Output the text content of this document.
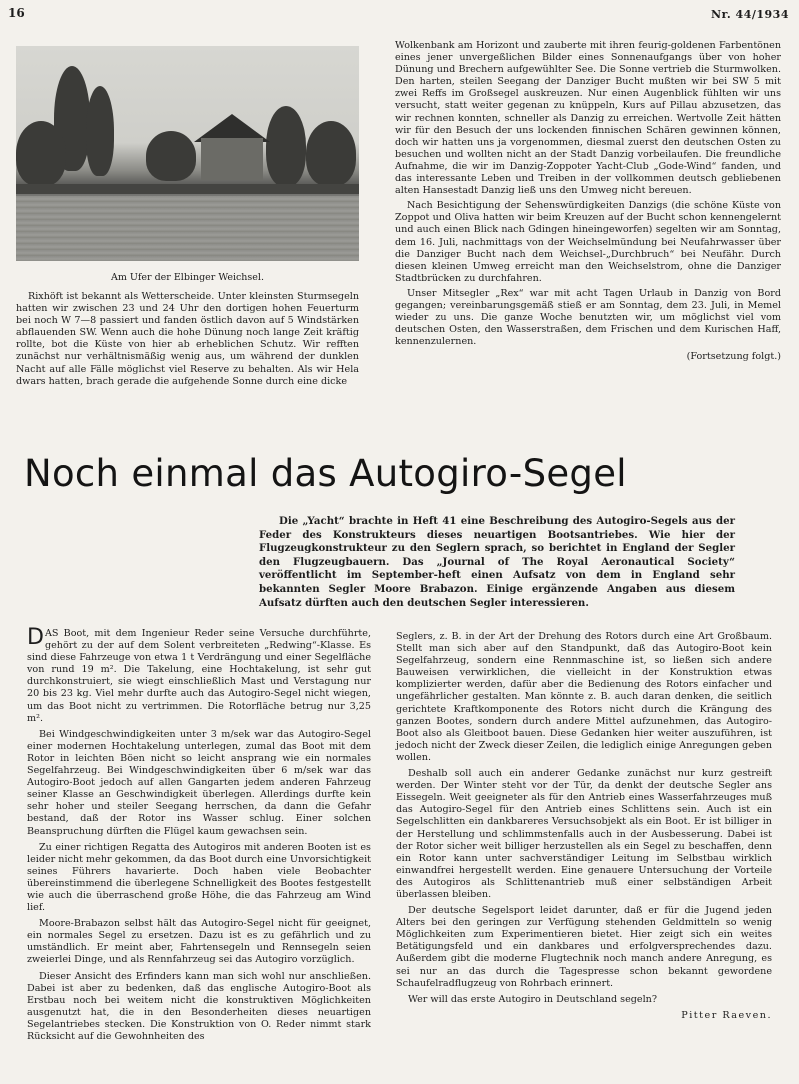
16	Nr. 44/1934
Am Ufer der Elbinger Weichsel.

Rixhöft ist bekannt als Wetterscheide. Unter kleinsten Sturmsegeln hatten wir zwischen 23 und 24 Uhr den dortigen hohen Feuerturm bei noch W 7—8 passiert und fanden östlich davon auf 5 Windstärken abflauenden SW. Wenn auch die hohe Dünung noch lange Zeit kräftig rollte, bot die Küste von hier ab erheblichen Schutz. Wir refften zunächst nur verhältnismäßig wenig aus, um während der dunklen Nacht auf alle Fälle möglichst viel Reserve zu behalten. Als wir Hela dwars hatten, brach gerade die aufgehende Sonne durch eine dicke

Wolkenbank am Horizont und zauberte mit ihren feurig-goldenen Farbentönen eines jener unvergeßlichen Bilder eines Sonnenaufgangs über von hoher Dünung und Brechern aufgewühlter See. Die Sonne vertrieb die Sturmwolken. Den harten, steilen Seegang der Danziger Bucht mußten wir bei SW 5 mit zwei Reffs im Großsegel auskreuzen. Nur einen Augenblick fühlten wir uns versucht, statt weiter gegenan zu knüppeln, Kurs auf Pillau abzusetzen, das wir rechnen konnten, schneller als Danzig zu erreichen. Wertvolle Zeit hätten wir für den Besuch der uns lockenden finnischen Schären gewinnen können, doch wir hatten uns ja vorgenommen, diesmal zuerst den deutschen Osten zu besuchen und wollten nicht an der Stadt Danzig vorbeilaufen. Die freundliche Aufnahme, die wir im Danzig-Zoppoter Yacht-Club „Gode-Wind“ fanden, und das interessante Leben und Treiben in der vollkommen deutsch gebliebenen alten Hansestadt Danzig ließ uns den Umweg nicht bereuen.

Nach Besichtigung der Sehenswürdigkeiten Danzigs (die schöne Küste von Zoppot und Oliva hatten wir beim Kreuzen auf der Bucht schon kennengelernt und auch einen Blick nach Gdingen hineingeworfen) segelten wir am Sonntag, dem 16. Juli, nachmittags von der Weichselmündung bei Neufahrwasser über die Danziger Bucht nach dem Weichsel-„Durchbruch“ bei Neufähr. Durch diesen kleinen Umweg erreicht man den Weichselstrom, ohne die Danziger Stadtbrücken zu durchfahren.

Unser Mitsegler „Rex“ war mit acht Tagen Urlaub in Danzig von Bord gegangen; vereinbarungsgemäß stieß er am Sonntag, dem 23. Juli, in Memel wieder zu uns. Die ganze Woche benutzten wir, um möglichst viel vom deutschen Osten, den Wasserstraßen, dem Frischen und dem Kurischen Haff, kennenzulernen.

(Fortsetzung folgt.)
Noch einmal das Autogiro-Segel

Die „Yacht“ brachte in Heft 41 eine Beschreibung des Autogiro-Segels aus der Feder des Konstrukteurs dieses neuartigen Bootsantriebes. Wie hier der Flugzeugkonstrukteur zu den Seglern sprach, so berichtet in England der Segler den Flugzeugbauern. Das „Journal of The Royal Aeronautical Society“ veröffentlicht im September-heft einen Aufsatz von dem in England sehr bekannten Segler Moore Brabazon. Einige ergänzende Angaben aus diesem Aufsatz dürften auch den deutschen Segler interessieren.

DAS Boot, mit dem Ingenieur Reder seine Versuche durchführte, gehört zu der auf dem Solent verbreiteten „Redwing“-Klasse. Es sind diese Fahrzeuge von etwa 1 t Verdrängung und einer Segelfläche von rund 19 m². Die Takelung, eine Hochtakelung, ist sehr gut durchkonstruiert, sie wiegt einschließlich Mast und Verstagung nur 20 bis 23 kg. Viel mehr durfte auch das Autogiro-Segel nicht wiegen, um das Boot nicht zu vertrimmen. Die Rotorfläche betrug nur 3,25 m².

Bei Windgeschwindigkeiten unter 3 m/sek war das Autogiro-Segel einer modernen Hochtakelung unterlegen, zumal das Boot mit dem Rotor in leichten Böen nicht so leicht ansprang wie ein normales Segelfahrzeug. Bei Windgeschwindigkeiten über 6 m/sek war das Autogiro-Boot jedoch auf allen Gangarten jedem anderen Fahrzeug seiner Klasse an Geschwindigkeit überlegen. Allerdings durfte kein sehr hoher und steiler Seegang herrschen, da dann die Gefahr bestand, daß der Rotor ins Wasser schlug. Einer solchen Beanspruchung dürften die Flügel kaum gewachsen sein.

Zu einer richtigen Regatta des Autogiros mit anderen Booten ist es leider nicht mehr gekommen, da das Boot durch eine Unvorsichtigkeit seines Führers havarierte. Doch haben viele Beobachter übereinstimmend die überlegene Schnelligkeit des Bootes festgestellt wie auch die überraschend große Höhe, die das Fahrzeug am Wind lief.

Moore-Brabazon selbst hält das Autogiro-Segel nicht für geeignet, ein normales Segel zu ersetzen. Dazu ist es zu gefährlich und zu umständlich. Er meint aber, Fahrtensegeln und Rennsegeln seien zweierlei Dinge, und als Rennfahrzeug sei das Autogiro vorzüglich.

Dieser Ansicht des Erfinders kann man sich wohl nur anschließen. Dabei ist aber zu bedenken, daß das englische Autogiro-Boot als Erstbau noch bei weitem nicht die konstruktiven Möglichkeiten ausgenutzt hat, die in den Besonderheiten dieses neuartigen Segelantriebes stecken. Die Konstruktion von O. Reder nimmt stark Rücksicht auf die Gewohnheiten des

Seglers, z. B. in der Art der Drehung des Rotors durch eine Art Großbaum. Stellt man sich aber auf den Standpunkt, daß das Autogiro-Boot kein Segelfahrzeug, sondern eine Rennmaschine ist, so ließen sich andere Bauweisen verwirklichen, die vielleicht in der Konstruktion etwas komplizierter werden, dafür aber die Bedienung des Rotors einfacher und ungefährlicher gestalten. Man könnte z. B. auch daran denken, die seitlich gerichtete Kraftkomponente des Rotors nicht durch die Krängung des ganzen Bootes, sondern durch andere Mittel aufzunehmen, das Autogiro-Boot also als Gleitboot bauen. Diese Gedanken hier weiter auszuführen, ist jedoch nicht der Zweck dieser Zeilen, die lediglich einige Anregungen geben wollen.

Deshalb soll auch ein anderer Gedanke zunächst nur kurz gestreift werden. Der Winter steht vor der Tür, da denkt der deutsche Segler ans Eissegeln. Weit geeigneter als für den Antrieb eines Wasserfahrzeuges muß das Autogiro-Segel für den Antrieb eines Schlittens sein. Auch ist ein Segelschlitten ein dankbareres Versuchsobjekt als ein Boot. Er ist billiger in der Herstellung und schlimmstenfalls auch in der Ausbesserung. Dabei ist der Rotor sicher weit billiger herzustellen als ein Segel zu beschaffen, denn ein Rotor kann unter sachverständiger Leitung im Selbstbau wirklich einwandfrei hergestellt werden. Eine genauere Untersuchung der Vorteile des Autogiros als Schlittenantrieb muß einer selbständigen Arbeit überlassen bleiben.

Der deutsche Segelsport leidet darunter, daß er für die Jugend jeden Alters bei den geringen zur Verfügung stehenden Geldmitteln so wenig Möglichkeiten zum Experimentieren bietet. Hier zeigt sich ein weites Betätigungsfeld und ein dankbares und erfolgversprechendes dazu. Außerdem gibt die moderne Flugtechnik noch manch andere Anregung, es sei nur an das durch die Tagespresse schon bekannt gewordene Schaufelradflugzeug von Rohrbach erinnert.

Wer will das erste Autogiro in Deutschland segeln?

Pitter Raeven.
